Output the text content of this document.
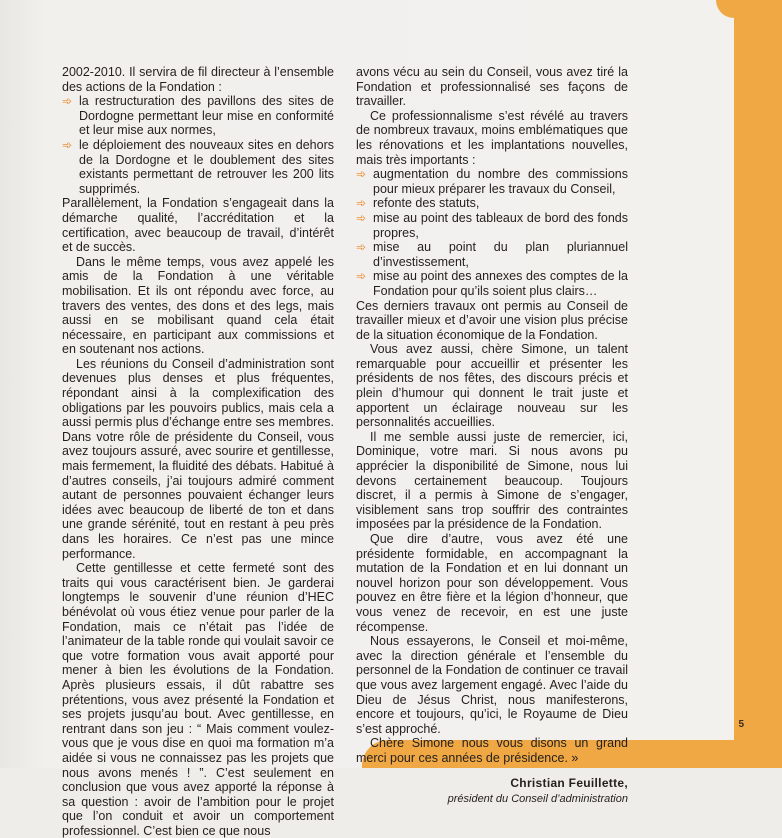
5
2002-2010. Il servira de fil directeur à l’ensemble des actions de la Fondation :
➾ la restructuration des pavillons des sites de Dordogne permettant leur mise en conformité et leur mise aux normes,
➾ le déploiement des nouveaux sites en dehors de la Dordogne et le doublement des sites existants permettant de retrouver les 200 lits supprimés.
Parallèlement, la Fondation s’engageait dans la démarche qualité, l’accréditation et la certification, avec beaucoup de travail, d’intérêt et de succès.
Dans le même temps, vous avez appelé les amis de la Fondation à une véritable mobilisation. Et ils ont répondu avec force, au travers des ventes, des dons et des legs, mais aussi en se mobilisant quand cela était nécessaire, en participant aux commissions et en soutenant nos actions.
Les réunions du Conseil d’administration sont devenues plus denses et plus fréquentes, répondant ainsi à la complexification des obligations par les pouvoirs publics, mais cela a aussi permis plus d’échange entre ses membres. Dans votre rôle de présidente du Conseil, vous avez toujours assuré, avec sourire et gentillesse, mais fermement, la fluidité des débats. Habitué à d’autres conseils, j’ai toujours admiré comment autant de personnes pouvaient échanger leurs idées avec beaucoup de liberté de ton et dans une grande sérénité, tout en restant à peu près dans les horaires. Ce n’est pas une mince performance.
Cette gentillesse et cette fermeté sont des traits qui vous caractérisent bien. Je garderai longtemps le souvenir d’une réunion d’HEC bénévolat où vous étiez venue pour parler de la Fondation, mais ce n’était pas l’idée de l’animateur de la table ronde qui voulait savoir ce que votre formation vous avait apporté pour mener à bien les évolutions de la Fondation. Après plusieurs essais, il dût rabattre ses prétentions, vous avez présenté la Fondation et ses projets jusqu’au bout. Avec gentillesse, en rentrant dans son jeu : “ Mais comment voulez-vous que je vous dise en quoi ma formation m’a aidée si vous ne connaissez pas les projets que nous avons menés ! ”. C’est seulement en conclusion que vous avez apporté la réponse à sa question : avoir de l’ambition pour le projet que l’on conduit et avoir un comportement professionnel. C’est bien ce que nous
avons vécu au sein du Conseil, vous avez tiré la Fondation et professionnalisé ses façons de travailler.
Ce professionnalisme s’est révélé au travers de nombreux travaux, moins emblématiques que les rénovations et les implantations nouvelles, mais très importants :
➾ augmentation du nombre des commissions pour mieux préparer les travaux du Conseil,
➾ refonte des statuts,
➾ mise au point des tableaux de bord des fonds propres,
➾ mise au point du plan pluriannuel d’investissement,
➾ mise au point des annexes des comptes de la Fondation pour qu’ils soient plus clairs…
Ces derniers travaux ont permis au Conseil de travailler mieux et d’avoir une vision plus précise de la situation économique de la Fondation.
Vous avez aussi, chère Simone, un talent remarquable pour accueillir et présenter les présidents de nos fêtes, des discours précis et plein d’humour qui donnent le trait juste et apportent un éclairage nouveau sur les personnalités accueillies.
Il me semble aussi juste de remercier, ici, Dominique, votre mari. Si nous avons pu apprécier la disponibilité de Simone, nous lui devons certainement beaucoup. Toujours discret, il a permis à Simone de s’engager, visiblement sans trop souffrir des contraintes imposées par la présidence de la Fondation.
Que dire d’autre, vous avez été une présidente formidable, en accompagnant la mutation de la Fondation et en lui donnant un nouvel horizon pour son développement. Vous pouvez en être fière et la légion d’honneur, que vous venez de recevoir, en est une juste récompense.
Nous essayerons, le Conseil et moi-même, avec la direction générale et l’ensemble du personnel de la Fondation de continuer ce travail que vous avez largement engagé. Avec l’aide du Dieu de Jésus Christ, nous manifesterons, encore et toujours, qu’ici, le Royaume de Dieu s’est approché.
Chère Simone nous vous disons un grand merci pour ces années de présidence. »
Christian Feuillette,
président du Conseil d’administration
